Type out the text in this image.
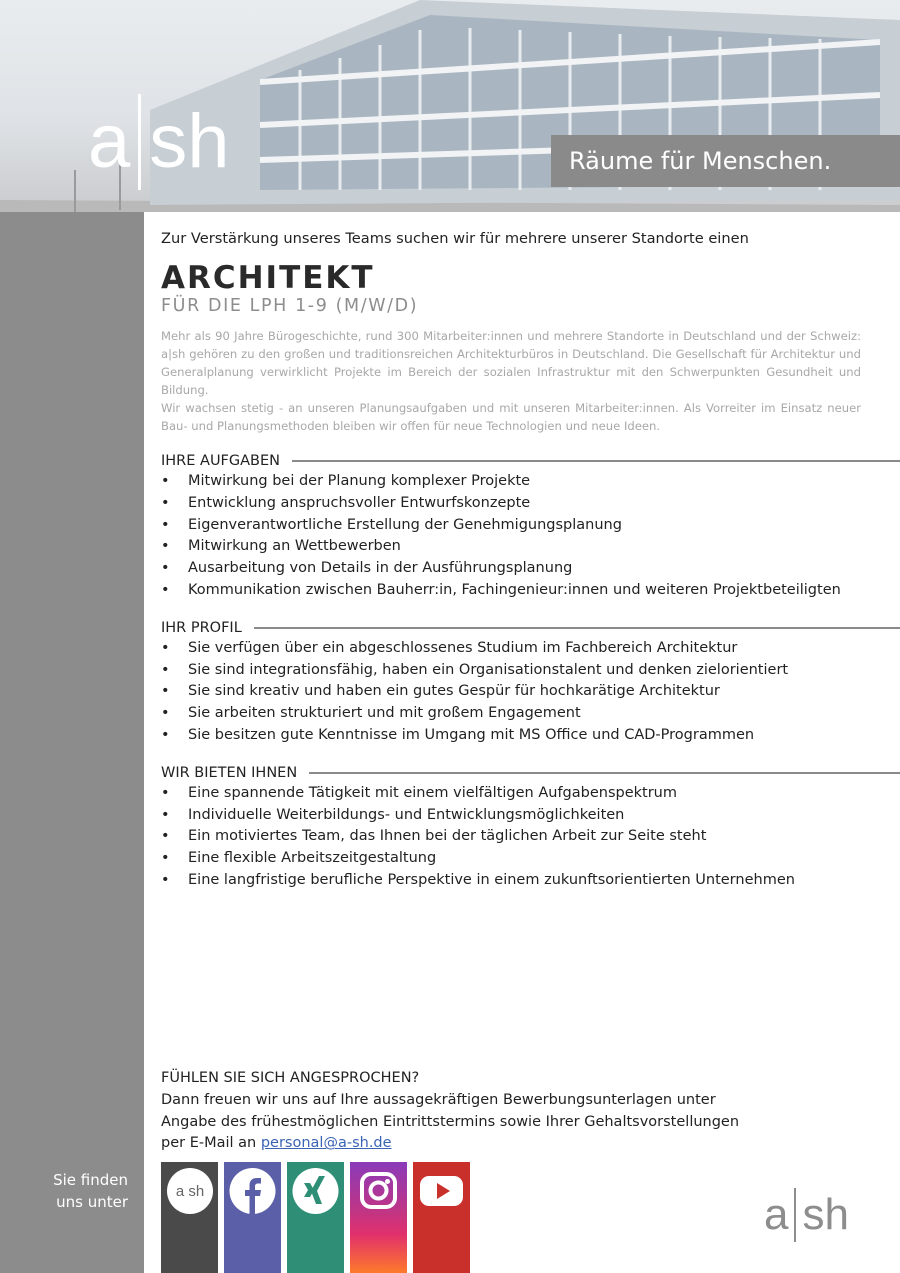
a sh	Räume für Menschen.

Zur Verstärkung unseres Teams suchen wir für mehrere unserer Standorte einen

ARCHITEKT

FÜR DIE LPH 1-9 (M/W/D)

Mehr als 90 Jahre Bürogeschichte, rund 300 Mitarbeiter:innen und mehrere Standorte in Deutschland und der Schweiz: a|sh gehören zu den großen und traditionsreichen Architekturbüros in Deutschland. Die Gesellschaft für Architektur und Generalplanung verwirklicht Projekte im Bereich der sozialen Infrastruktur mit den Schwerpunkten Gesundheit und Bildung.

Wir wachsen stetig - an unseren Planungsaufgaben und mit unseren Mitarbeiter:innen. Als Vorreiter im Einsatz neuer Bau- und Planungsmethoden bleiben wir offen für neue Technologien und neue Ideen.

IHRE AUFGABEN
• Mitwirkung bei der Planung komplexer Projekte
• Entwicklung anspruchsvoller Entwurfskonzepte
• Eigenverantwortliche Erstellung der Genehmigungsplanung
• Mitwirkung an Wettbewerben
• Ausarbeitung von Details in der Ausführungsplanung
• Kommunikation zwischen Bauherr:in, Fachingenieur:innen und weiteren Projektbeteiligten
IHR PROFIL
• Sie verfügen über ein abgeschlossenes Studium im Fachbereich Architektur
• Sie sind integrationsfähig, haben ein Organisationstalent und denken zielorientiert
• Sie sind kreativ und haben ein gutes Gespür für hochkarätige Architektur
• Sie arbeiten strukturiert und mit großem Engagement
• Sie besitzen gute Kenntnisse im Umgang mit MS Office und CAD-Programmen
WIR BIETEN IHNEN
• Eine spannende Tätigkeit mit einem vielfältigen Aufgabenspektrum
• Individuelle Weiterbildungs- und Entwicklungsmöglichkeiten
• Ein motiviertes Team, das Ihnen bei der täglichen Arbeit zur Seite steht
• Eine flexible Arbeitszeitgestaltung
• Eine langfristige berufliche Perspektive in einem zukunftsorientierten Unternehmen

FÜHLEN SIE SICH ANGESPROCHEN?

Dann freuen wir uns auf Ihre aussagekräftigen Bewerbungsunterlagen unter

Angabe des frühestmöglichen Eintrittstermins sowie Ihrer Gehaltsvorstellungen

per E-Mail an personal@a-sh.de

Sie finden
uns unter
a sh	a sh
